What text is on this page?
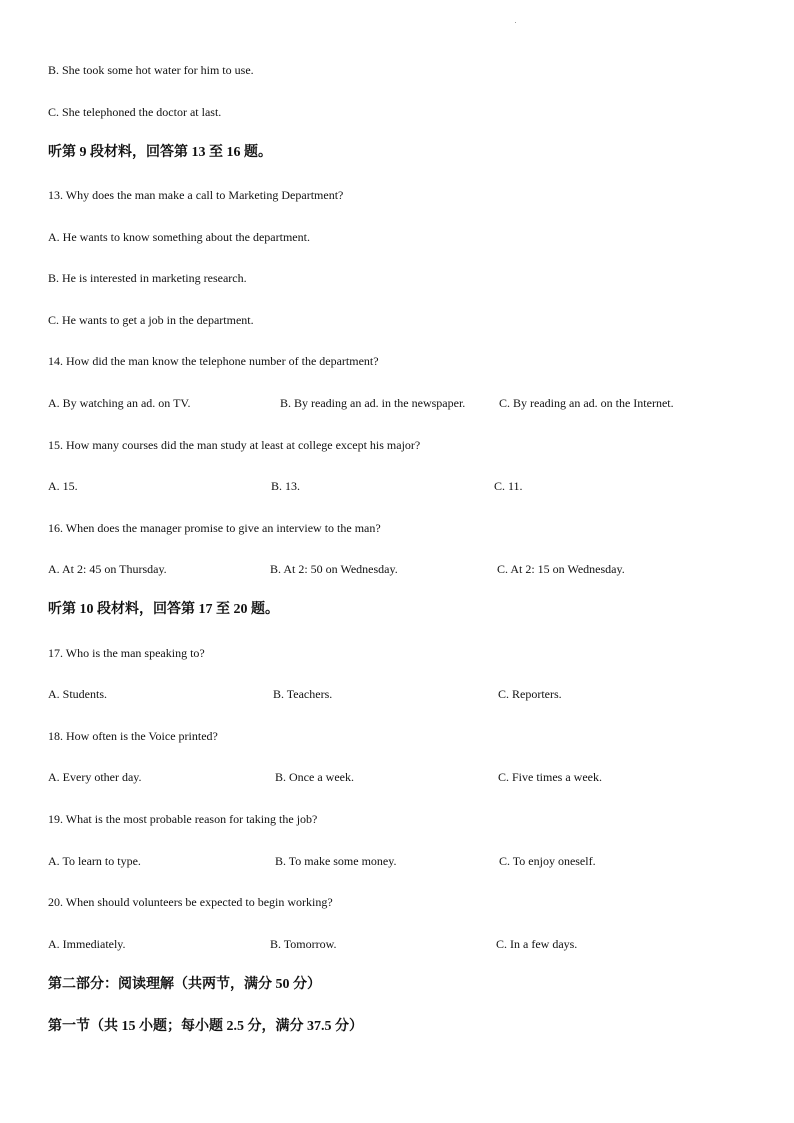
B. She took some hot water for him to use.
C. She telephoned the doctor at last.
听第 9 段材料，回答第 13 至 16 题。
13. Why does the man make a call to Marketing Department?
A. He wants to know something about the department.
B. He is interested in marketing research.
C. He wants to get a job in the department.
14. How did the man know the telephone number of the department?
A. By watching an ad. on TV.	B. By reading an ad. in the newspaper.	C. By reading an ad. on the Internet.
15. How many courses did the man study at least at college except his major?
A. 15.	B. 13.	C. 11.
16. When does the manager promise to give an interview to the man?
A. At 2: 45 on Thursday.	B. At 2: 50 on Wednesday.	C. At 2: 15 on Wednesday.
听第 10 段材料，回答第 17 至 20 题。
17. Who is the man speaking to?
A. Students.	B. Teachers.	C. Reporters.
18. How often is the Voice printed?
A. Every other day.	B. Once a week.	C. Five times a week.
19. What is the most probable reason for taking the job?
A. To learn to type.	B. To make some money.	C. To enjoy oneself.
20. When should volunteers be expected to begin working?
A. Immediately.	B. Tomorrow.	C. In a few days.
第二部分：阅读理解（共两节，满分 50 分）
第一节（共 15 小题；每小题 2.5 分，满分 37.5 分）
